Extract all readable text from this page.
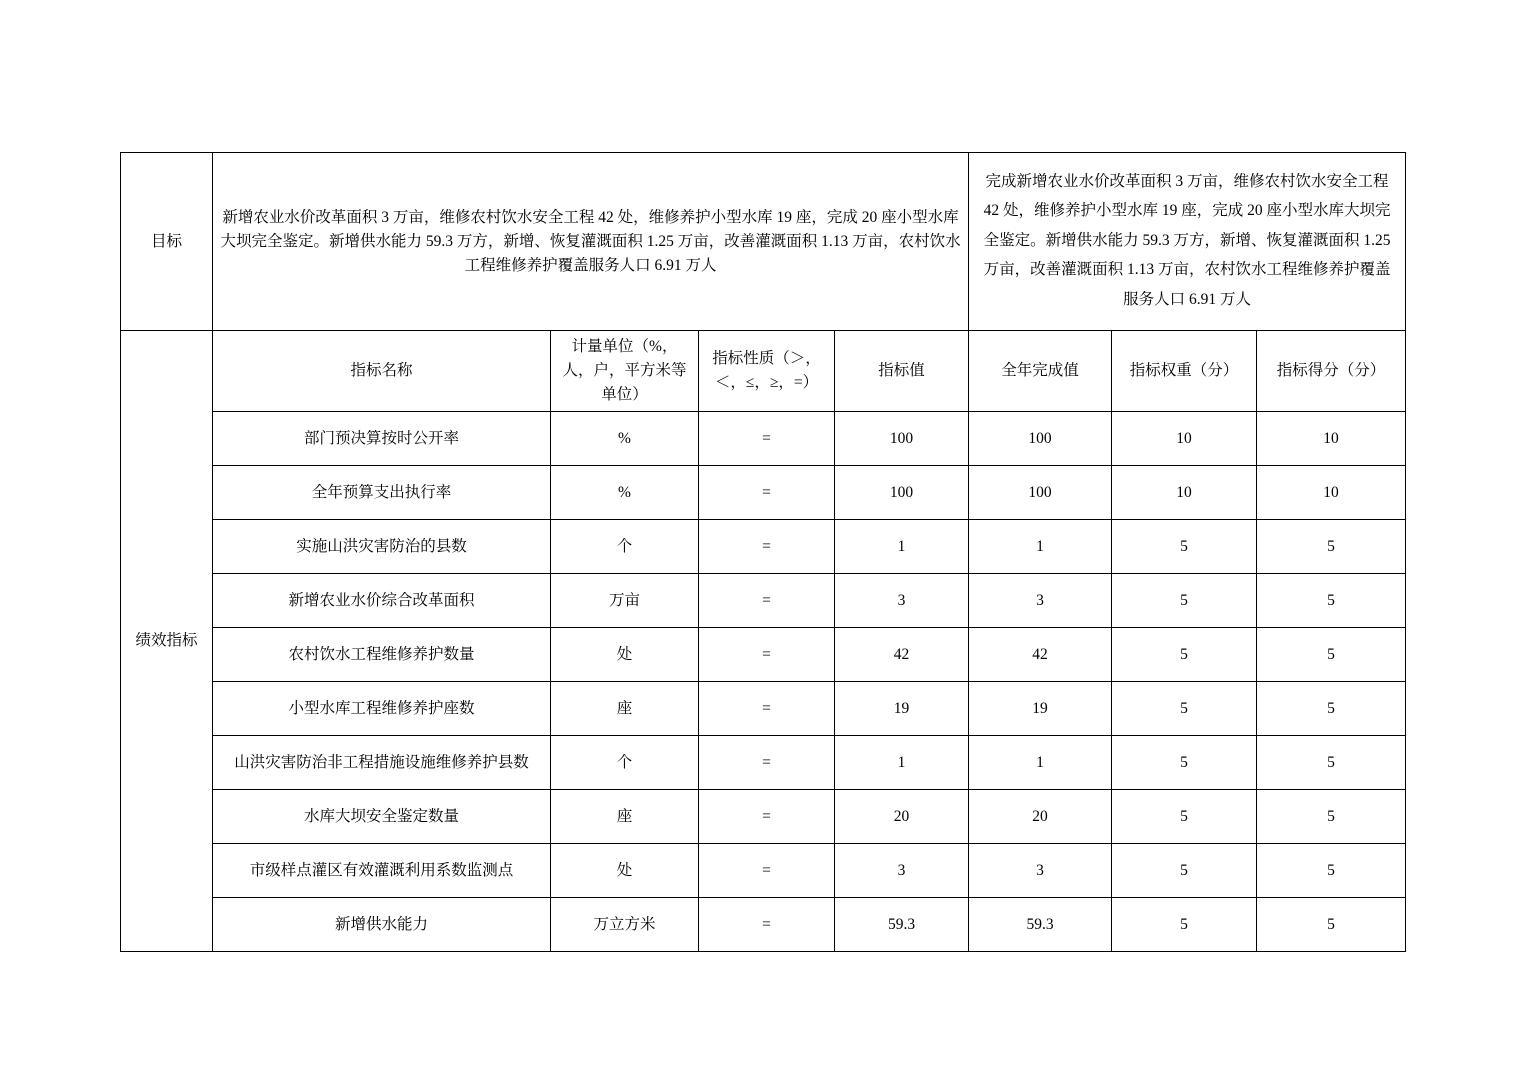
目标	新增农业水价改革面积 3 万亩，维修农村饮水安全工程 42 处，维修养护小型水库 19 座，完成 20 座小型水库大坝完全鉴定。新增供水能力 59.3 万方，新增、恢复灌溉面积 1.25 万亩，改善灌溉面积 1.13 万亩，农村饮水工程维修养护覆盖服务人口 6.91 万人				完成新增农业水价改革面积 3 万亩，维修农村饮水安全工程 42 处，维修养护小型水库 19 座，完成 20 座小型水库大坝完全鉴定。新增供水能力 59.3 万方，新增、恢复灌溉面积 1.25 万亩，改善灌溉面积 1.13 万亩，农村饮水工程维修养护覆盖服务人口 6.91 万人		
绩效指标	指标名称	计量单位（%，人，户，平方米等单位）	指标性质（＞，＜，≤，≥，=）	指标值	全年完成值	指标权重（分）	指标得分（分）
	部门预决算按时公开率	%	=	100	100	10	10
	全年预算支出执行率	%	=	100	100	10	10
	实施山洪灾害防治的县数	个	=	1	1	5	5
	新增农业水价综合改革面积	万亩	=	3	3	5	5
	农村饮水工程维修养护数量	处	=	42	42	5	5
	小型水库工程维修养护座数	座	=	19	19	5	5
	山洪灾害防治非工程措施设施维修养护县数	个	=	1	1	5	5
	水库大坝安全鉴定数量	座	=	20	20	5	5
	市级样点灌区有效灌溉利用系数监测点	处	=	3	3	5	5
	新增供水能力	万立方米	=	59.3	59.3	5	5
